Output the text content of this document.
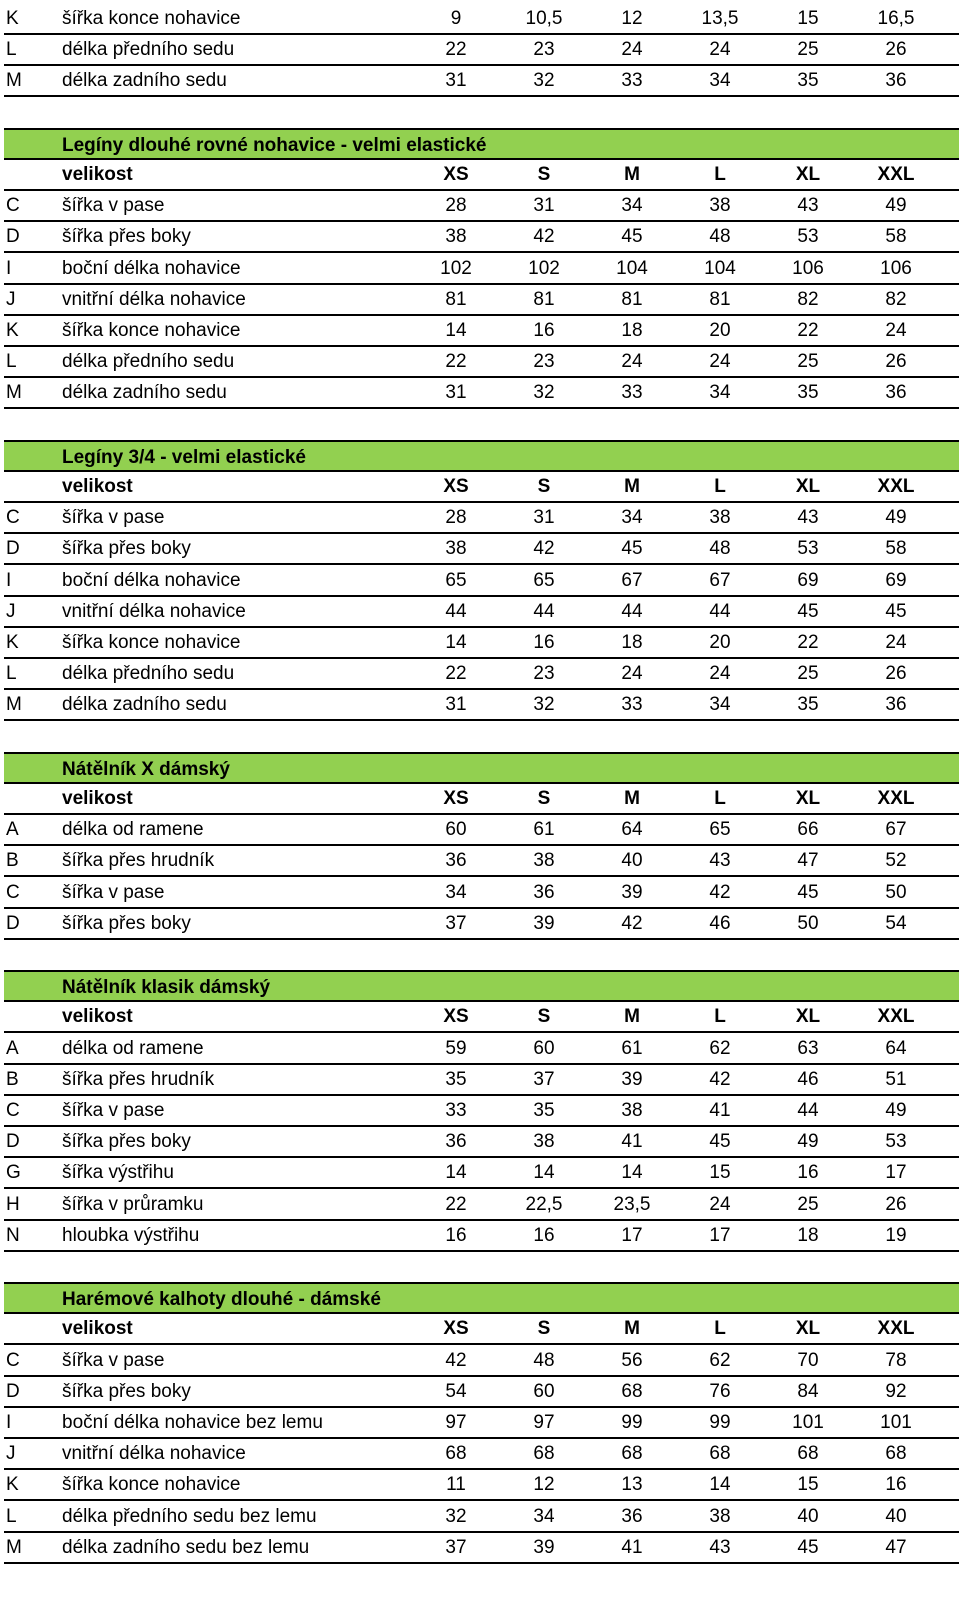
K šířka konce nohavice	9	10,5	12	13,5	15	16,5
L délka předního sedu	22	23	24	24	25	26
M délka zadního sedu	31	32	33	34	35	36
Legíny dlouhé rovné nohavice - velmi elastické
velikost	XS	S	M	L	XL	XXL
C šířka v pase	28	31	34	38	43	49
D šířka přes boky	38	42	45	48	53	58
I	boční délka nohavice	102	102	104	104	106	106
J vnitřní délka nohavice	81	81	81	81	82	82
K šířka konce nohavice	14	16	18	20	22	24
L délka předního sedu	22	23	24	24	25	26
M délka zadního sedu	31	32	33	34	35	36
Legíny 3/4 - velmi elastické
velikost	XS	S	M	L	XL	XXL
C šířka v pase	28	31	34	38	43	49
D šířka přes boky	38	42	45	48	53	58
I	boční délka nohavice	65	65	67	67	69	69
J vnitřní délka nohavice	44	44	44	44	45	45
K šířka konce nohavice	14	16	18	20	22	24
L délka předního sedu	22	23	24	24	25	26
M délka zadního sedu	31	32	33	34	35	36
Nátělník X dámský
velikost	XS	S	M	L	XL	XXL
A délka od ramene	60	61	64	65	66	67
B šířka přes hrudník	36	38	40	43	47	52
C šířka v pase	34	36	39	42	45	50
D šířka přes boky	37	39	42	46	50	54
Nátělník klasik dámský
velikost	XS	S	M	L	XL	XXL
A délka od ramene	59	60	61	62	63	64
B šířka přes hrudník	35	37	39	42	46	51
C šířka v pase	33	35	38	41	44	49
D šířka přes boky	36	38	41	45	49	53
G šířka výstřihu	14	14	14	15	16	17
H šířka v průramku	22	22,5	23,5	24	25	26
N hloubka výstřihu	16	16	17	17	18	19
Harémové kalhoty dlouhé - dámské
velikost	XS	S	M	L	XL	XXL
C šířka v pase	42	48	56	62	70	78
D šířka přes boky	54	60	68	76	84	92
I	boční délka nohavice bez lemu	97	97	99	99	101	101
J vnitřní délka nohavice	68	68	68	68	68	68
K šířka konce nohavice	11	12	13	14	15	16
L délka předního sedu bez lemu	32	34	36	38	40	40
M délka zadního sedu bez lemu	37	39	41	43	45	47
